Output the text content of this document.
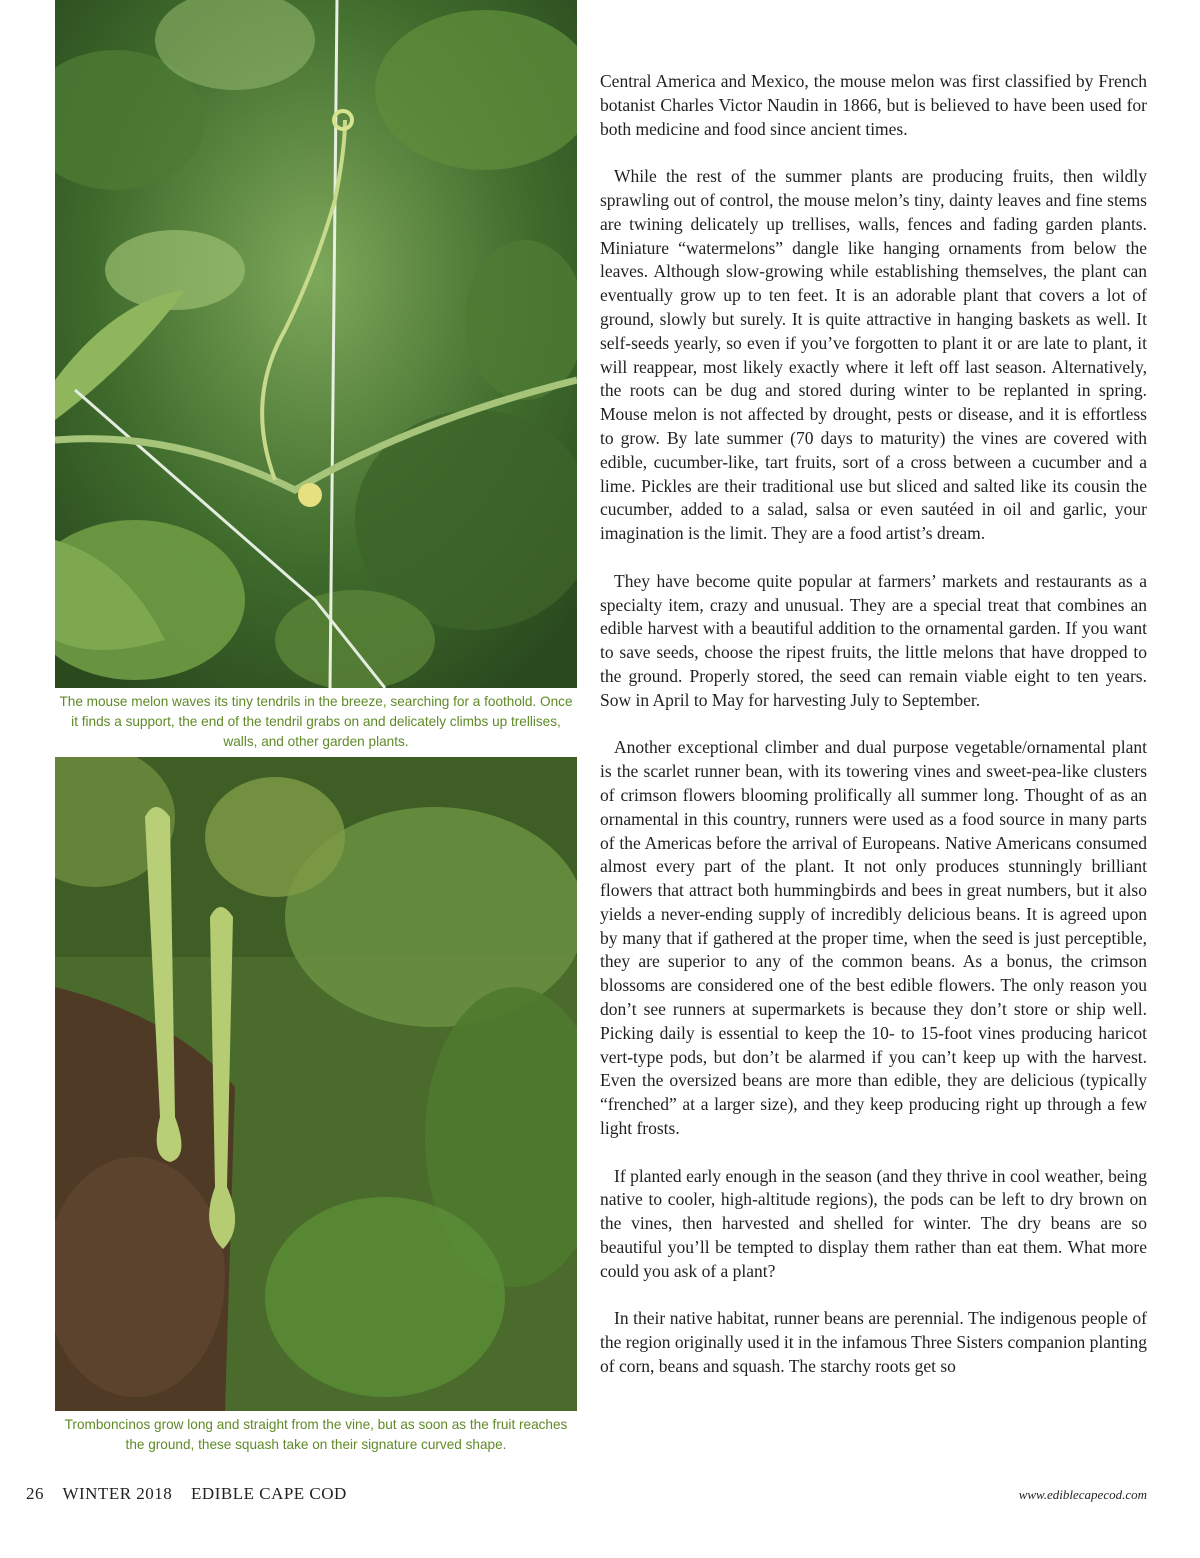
The mouse melon waves its tiny tendrils in the breeze, searching for a foothold. Once it finds a support, the end of the tendril grabs on and delicately climbs up trellises, walls, and other garden plants.
Tromboncinos grow long and straight from the vine, but as soon as the fruit reaches the ground, these squash take on their signature curved shape.

Central America and Mexico, the mouse melon was first classified by French botanist Charles Victor Naudin in 1866, but is believed to have been used for both medicine and food since ancient times.

While the rest of the summer plants are producing fruits, then wildly sprawling out of control, the mouse melon’s tiny, dainty leaves and fine stems are twining delicately up trellises, walls, fences and fading garden plants. Miniature “watermelons” dangle like hanging ornaments from below the leaves. Although slow-growing while establishing themselves, the plant can eventually grow up to ten feet. It is an adorable plant that covers a lot of ground, slowly but surely. It is quite attractive in hanging baskets as well. It self-seeds yearly, so even if you’ve forgotten to plant it or are late to plant, it will reappear, most likely exactly where it left off last season. Alternatively, the roots can be dug and stored during winter to be replanted in spring. Mouse melon is not affected by drought, pests or disease, and it is effortless to grow. By late summer (70 days to maturity) the vines are covered with edible, cucumber-like, tart fruits, sort of a cross between a cucumber and a lime. Pickles are their traditional use but sliced and salted like its cousin the cucumber, added to a salad, salsa or even sautéed in oil and garlic, your imagination is the limit. They are a food artist’s dream.

They have become quite popular at farmers’ markets and restaurants as a specialty item, crazy and unusual. They are a special treat that combines an edible harvest with a beautiful addition to the ornamental garden. If you want to save seeds, choose the ripest fruits, the little melons that have dropped to the ground. Properly stored, the seed can remain viable eight to ten years. Sow in April to May for harvesting July to September.

Another exceptional climber and dual purpose vegetable/ornamental plant is the scarlet runner bean, with its towering vines and sweet-pea-like clusters of crimson flowers blooming prolifically all summer long. Thought of as an ornamental in this country, runners were used as a food source in many parts of the Americas before the arrival of Europeans. Native Americans consumed almost every part of the plant. It not only produces stunningly brilliant flowers that attract both hummingbirds and bees in great numbers, but it also yields a never-ending supply of incredibly delicious beans. It is agreed upon by many that if gathered at the proper time, when the seed is just perceptible, they are superior to any of the common beans. As a bonus, the crimson blossoms are considered one of the best edible flowers. The only reason you don’t see runners at supermarkets is because they don’t store or ship well. Picking daily is essential to keep the 10- to 15-foot vines producing haricot vert-type pods, but don’t be alarmed if you can’t keep up with the harvest. Even the oversized beans are more than edible, they are delicious (typically “frenched” at a larger size), and they keep producing right up through a few light frosts.

If planted early enough in the season (and they thrive in cool weather, being native to cooler, high-altitude regions), the pods can be left to dry brown on the vines, then harvested and shelled for winter. The dry beans are so beautiful you’ll be tempted to display them rather than eat them. What more could you ask of a plant?

In their native habitat, runner beans are perennial. The indigenous people of the region originally used it in the infamous Three Sisters companion planting of corn, beans and squash. The starchy roots get so

26 WINTER 2018 EDIBLE CAPE COD	www.ediblecapecod.com
